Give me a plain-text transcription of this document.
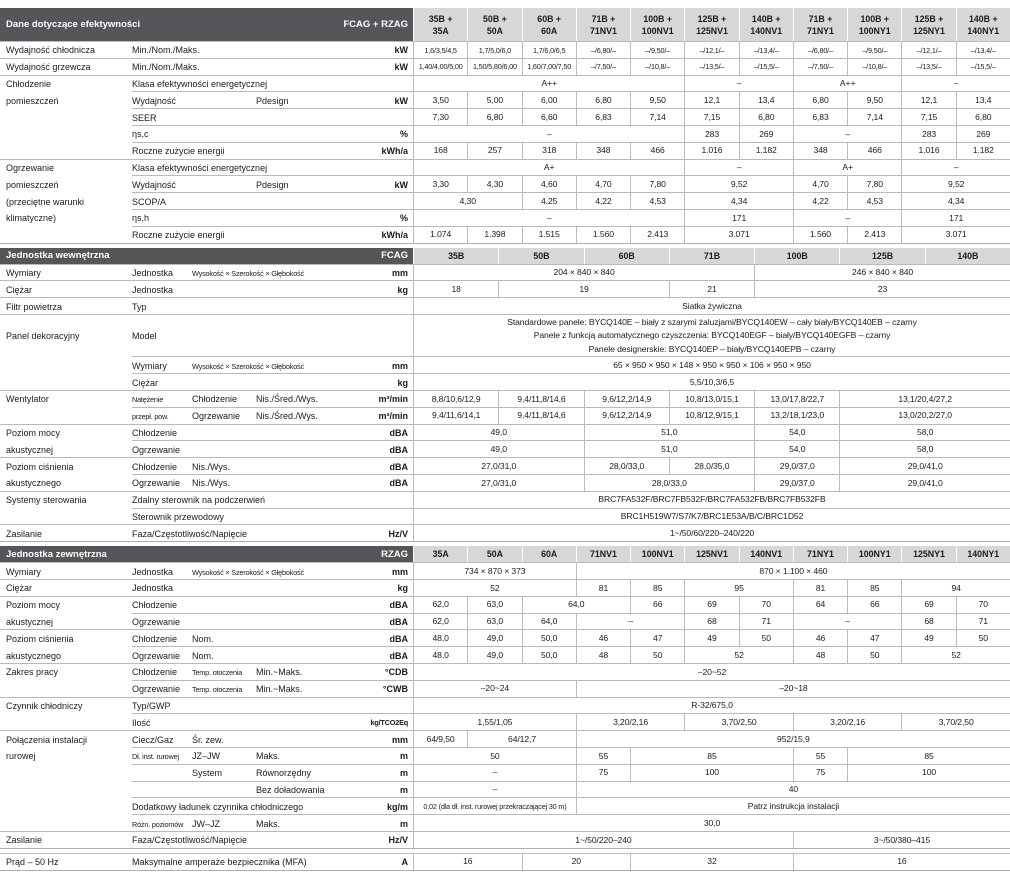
Dane dotyczące efektywności	FCAG + RZAG
35B +
35A
50B +
50A
60B +
60A
71B +
71NV1
100B +
100NV1
125B +
125NV1
140B +
140NV1
71B +
71NY1
100B +
100NY1
125B +
125NY1
140B +
140NY1
Wydajność chłodnicza	Min./Nom./Maks.	kW	1,6/3,5/4,5	1,7/5,0/6,0	1,7/6,0/6,5	–/6,80/–	–/9,50/–	–/12,1/–	–/13,4/–	–/6,80/–	–/9,50/–	–/12,1/–	–/13,4/–
Wydajność grzewcza	Min./Nom./Maks.	kW	1,40/4,00/5,00	1,50/5,80/6,00	1,60/7,00/7,50	–/7,50/–	–/10,8/–	–/13,5/–	–/15,5/–	–/7,50/–	–/10,8/–	–/13,5/–	–/15,5/–
Chłodzenie	Klasa efektywności energetycznej	A++	–	A++	–
pomieszczeń	Wydajność	Pdesign	kW	3,50	5,00	6,00	6,80	9,50	12,1	13,4	6,80	9,50	12,1	13,4
SEER	7,30	6,80	6,60	6,83	7,14	7,15	6,80	6,83	7,14	7,15	6,80
ηs,c	%	–	283	269	–	283	269
Roczne zużycie energii	kWh/a	168	257	318	348	466	1.016	1.182	348	466	1.016	1.182
Ogrzewanie	Klasa efektywności energetycznej	A+	–	A+	–
pomieszczeń	Wydajność	Pdesign	kW	3,30	4,30	4,60	4,70	7,80	9,52	4,70	7,80	9,52
(przeciętne warunki	SCOP/A	4,30	4,25	4,22	4,53	4,34	4,22	4,53	4,34
klimatyczne)	ηs,h	%	–	171	–	171
Roczne zużycie energii	kWh/a	1.074	1.398	1.515	1.560	2.413	3.071	1.560	2.413	3.071
Jednostka wewnętrzna	FCAG	35B	50B	60B	71B	100B	125B	140B
Wymiary	Jednostka	Wysokość × Szerokość × Głębokość	mm	204 × 840 × 840	246 × 840 × 840
Ciężar	Jednostka	kg	18	19	21	23
Filtr powietrza	Typ	Siatka żywiczna
Panel dekoracyjny	Model
Standardowe panele: BYCQ140E – biały z szarymi żaluzjami/BYCQ140EW – cały biały/BYCQ140EB – czarny
Panele z funkcją automatycznego czyszczenia: BYCQ140EGF – biały/BYCQ140EGFB – czarny
Panele designerskie: BYCQ140EP – biały/BYCQ140EPB – czarny
Wymiary	Wysokość × Szerokość × Głębokość	mm	65 × 950 × 950 × 148 × 950 × 950 × 106 × 950 × 950
Ciężar	kg	5,5/10,3/6,5
Wentylator	Natężenie	Chłodzenie	Nis./Śred./Wys.	m³/min	8,8/10,6/12,9	9,4/11,8/14,6	9,6/12,2/14,9	10,8/13,0/15,1	13,0/17,8/22,7	13,1/20,4/27,2
przepł. pow.	Ogrzewanie	Nis./Śred./Wys.	m³/min	9,4/11,6/14,1	9,4/11,8/14,6	9,6/12,2/14,9	10,8/12,9/15,1	13,2/18,1/23,0	13,0/20,2/27,0
Poziom mocy	Chłodzenie	dBA	49,0	51,0	54,0	58,0
akustycznej	Ogrzewanie	dBA	49,0	51,0	54,0	58,0
Poziom ciśnienia	Chłodzenie	Nis./Wys.	dBA	27,0/31,0	28,0/33,0	28,0/35,0	29,0/37,0	29,0/41,0
akustycznego	Ogrzewanie	Nis./Wys.	dBA	27,0/31,0	28,0/33,0	29,0/37,0	29,0/41,0
Systemy sterowania	Zdalny sterownik na podczerwień	BRC7FA532F/BRC7FB532F/BRC7FA532FB/BRC7FB532FB
Sterownik przewodowy	BRC1H519W7/S7/K7/BRC1E53A/B/C/BRC1D52
Zasilanie	Faza/Częstotliwość/Napięcie	Hz/V	1~/50/60/220–240/220
Jednostka zewnętrzna	RZAG	35A	50A	60A	71NV1	100NV1	125NV1	140NV1	71NY1	100NY1	125NY1	140NY1
Wymiary	Jednostka	Wysokość × Szerokość × Głębokość	mm	734 × 870 × 373	870 × 1.100 × 460
Ciężar	Jednostka	kg	52	81	85	95	81	85	94
Poziom mocy	Chłodzenie	dBA	62,0	63,0	64,0	66	69	70	64	66	69	70
akustycznej	Ogrzewanie	dBA	62,0	63,0	64,0	–	68	71	–	68	71
Poziom ciśnienia	Chłodzenie	Nom.	dBA	48,0	49,0	50,0	46	47	49	50	46	47	49	50
akustycznego	Ogrzewanie	Nom.	dBA	48,0	49,0	50,0	48	50	52	48	50	52
Zakres pracy	Chłodzenie	Temp. otoczenia	Min.~Maks.	°CDB	–20~52
Ogrzewanie	Temp. otoczenia	Min.~Maks.	°CWB	–20~24	–20~18
Czynnik chłodniczy	Typ/GWP	R-32/675,0
Ilość	kg/TCO2Eq	1,55/1,05	3,20/2,16	3,70/2,50	3,20/2,16	3,70/2,50
Połączenia instalacji	Ciecz/Gaz	Śr. zew.	mm	64/9,50	64/12,7	952/15,9
rurowej	Dł. inst. rurowej	JZ–JW	Maks.	m	50	55	85	55	85
System	Równorzędny	m	–	75	100	75	100
Bez doładowania	m	–	40
Dodatkowy ładunek czynnika chłodniczego	kg/m	0,02 (dla dł. inst. rurowej przekraczającej 30 m)	Patrz instrukcja instalacji
Różn. poziomów JW–JZ	Maks.	m	30,0
Zasilanie	Faza/Częstotliwość/Napięcie	Hz/V	1~/50/220–240	3~/50/380–415
Prąd – 50 Hz	Maksymalne amperaże bezpiecznika (MFA)	A	16	20	32	16
